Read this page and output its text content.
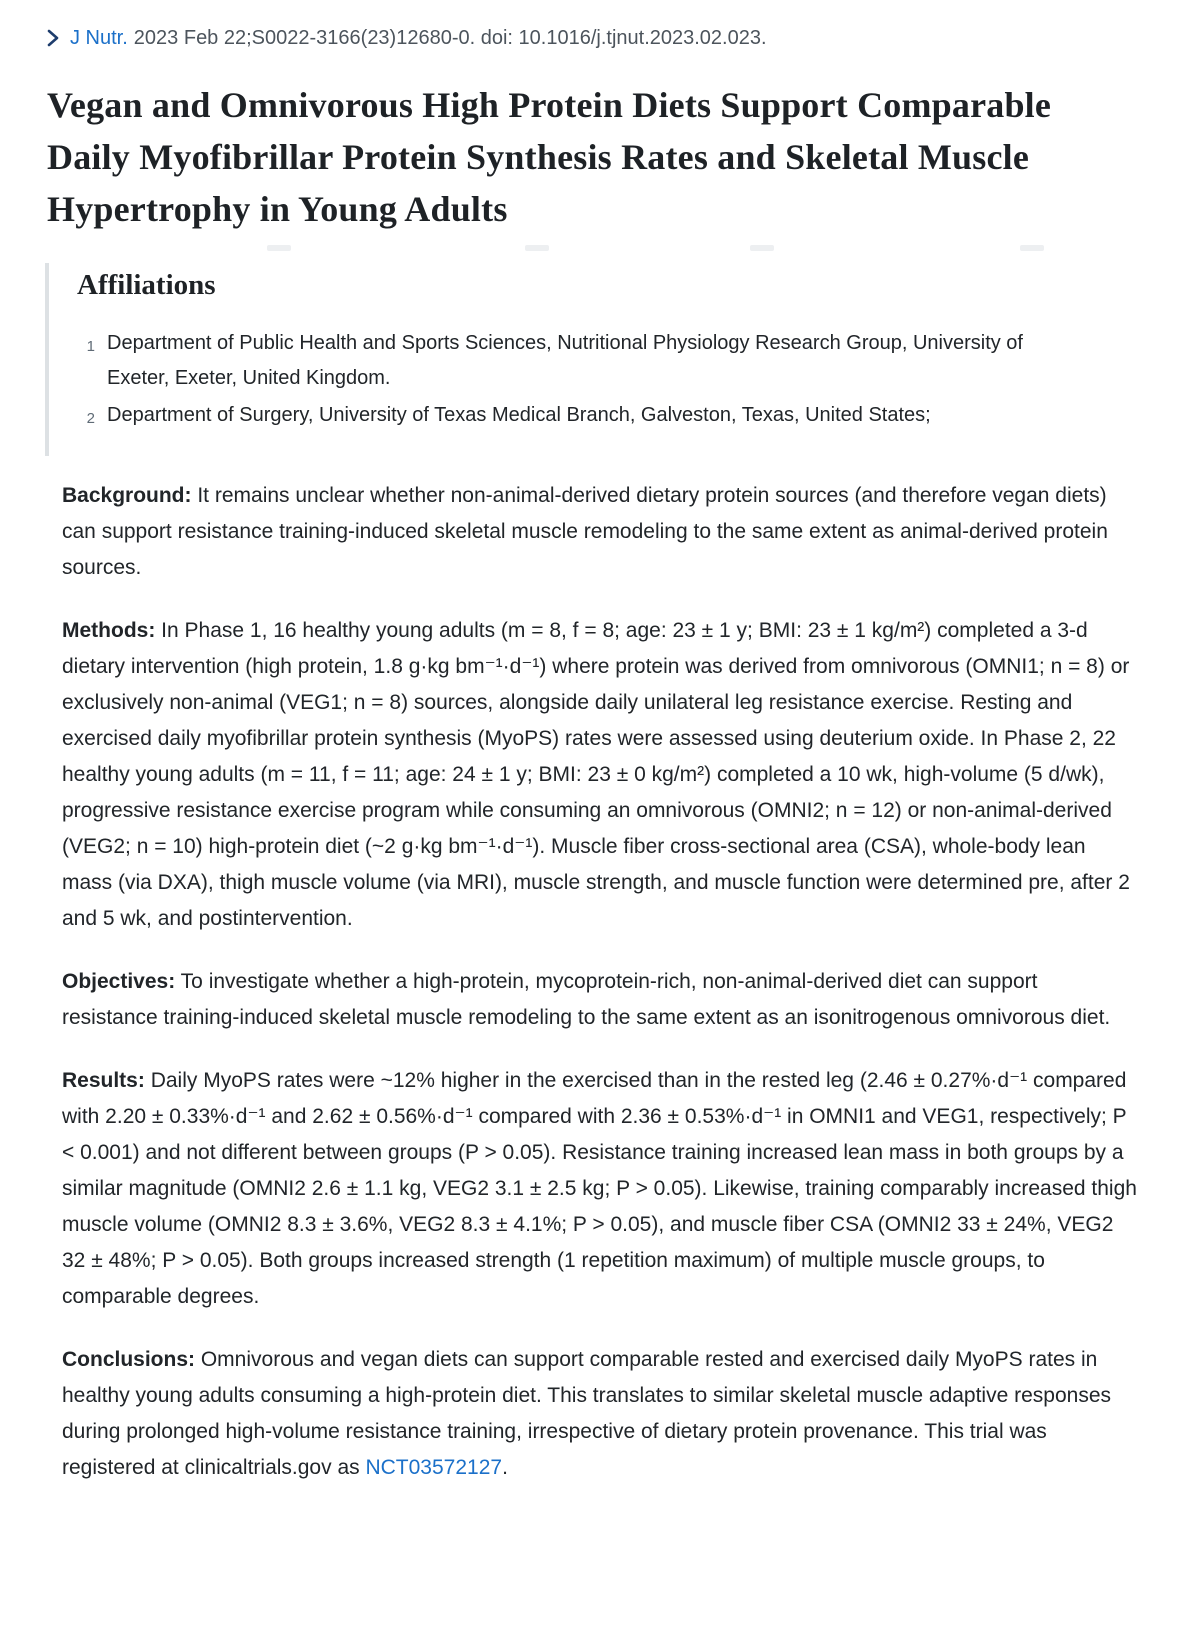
J Nutr. 2023 Feb 22;S0022-3166(23)12680-0. doi: 10.1016/j.tjnut.2023.02.023.
Vegan and Omnivorous High Protein Diets Support Comparable Daily Myofibrillar Protein Synthesis Rates and Skeletal Muscle Hypertrophy in Young Adults
Affiliations
1 Department of Public Health and Sports Sciences, Nutritional Physiology Research Group, University of Exeter, Exeter, United Kingdom.
2 Department of Surgery, University of Texas Medical Branch, Galveston, Texas, United States;

Background: It remains unclear whether non-animal-derived dietary protein sources (and therefore vegan diets) can support resistance training-induced skeletal muscle remodeling to the same extent as animal-derived protein sources.

Methods: In Phase 1, 16 healthy young adults (m = 8, f = 8; age: 23 ± 1 y; BMI: 23 ± 1 kg/m²) completed a 3-d dietary intervention (high protein, 1.8 g·kg bm⁻¹·d⁻¹) where protein was derived from omnivorous (OMNI1; n = 8) or exclusively non-animal (VEG1; n = 8) sources, alongside daily unilateral leg resistance exercise. Resting and exercised daily myofibrillar protein synthesis (MyoPS) rates were assessed using deuterium oxide. In Phase 2, 22 healthy young adults (m = 11, f = 11; age: 24 ± 1 y; BMI: 23 ± 0 kg/m²) completed a 10 wk, high-volume (5 d/wk), progressive resistance exercise program while consuming an omnivorous (OMNI2; n = 12) or non-animal-derived (VEG2; n = 10) high-protein diet (~2 g·kg bm⁻¹·d⁻¹). Muscle fiber cross-sectional area (CSA), whole-body lean mass (via DXA), thigh muscle volume (via MRI), muscle strength, and muscle function were determined pre, after 2 and 5 wk, and postintervention.

Objectives: To investigate whether a high-protein, mycoprotein-rich, non-animal-derived diet can support resistance training-induced skeletal muscle remodeling to the same extent as an isonitrogenous omnivorous diet.

Results: Daily MyoPS rates were ~12% higher in the exercised than in the rested leg (2.46 ± 0.27%·d⁻¹ compared with 2.20 ± 0.33%·d⁻¹ and 2.62 ± 0.56%·d⁻¹ compared with 2.36 ± 0.53%·d⁻¹ in OMNI1 and VEG1, respectively; P < 0.001) and not different between groups (P > 0.05). Resistance training increased lean mass in both groups by a similar magnitude (OMNI2 2.6 ± 1.1 kg, VEG2 3.1 ± 2.5 kg; P > 0.05). Likewise, training comparably increased thigh muscle volume (OMNI2 8.3 ± 3.6%, VEG2 8.3 ± 4.1%; P > 0.05), and muscle fiber CSA (OMNI2 33 ± 24%, VEG2 32 ± 48%; P > 0.05). Both groups increased strength (1 repetition maximum) of multiple muscle groups, to comparable degrees.

Conclusions: Omnivorous and vegan diets can support comparable rested and exercised daily MyoPS rates in healthy young adults consuming a high-protein diet. This translates to similar skeletal muscle adaptive responses during prolonged high-volume resistance training, irrespective of dietary protein provenance. This trial was registered at clinicaltrials.gov as NCT03572127.
